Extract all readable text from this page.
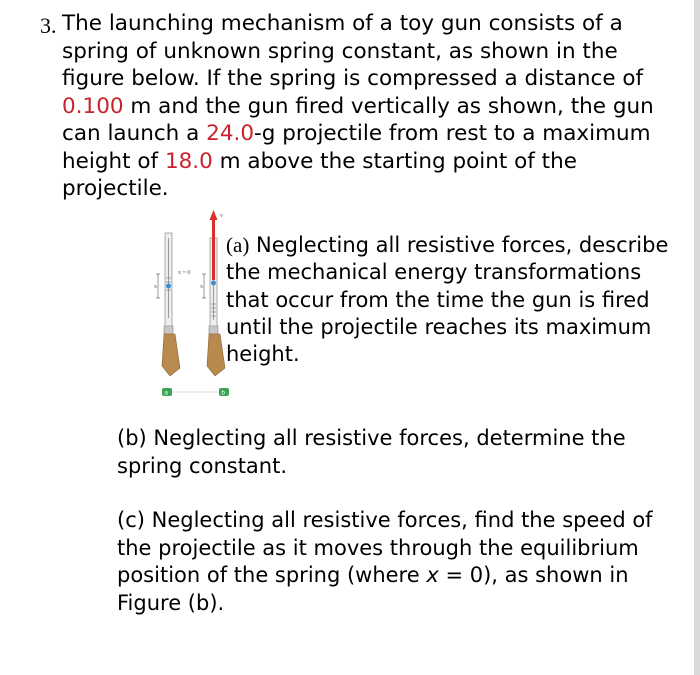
3. The launching mechanism of a toy gun consists of a spring of unknown spring constant, as shown in the figure below. If the spring is compressed a distance of 0.100 m and the gun fired vertically as shown, the gun can launch a 24.0-g projectile from rest to a maximum height of 18.0 m above the starting point of the projectile.
x = 0
x	x
v
a	b
(a) Neglecting all resistive forces, describe the mechanical energy transformations that occur from the time the gun is fired until the projectile reaches its maximum height.
(b) Neglecting all resistive forces, determine the spring constant.
(c) Neglecting all resistive forces, find the speed of the projectile as it moves through the equilibrium position of the spring (where x = 0), as shown in Figure (b).
